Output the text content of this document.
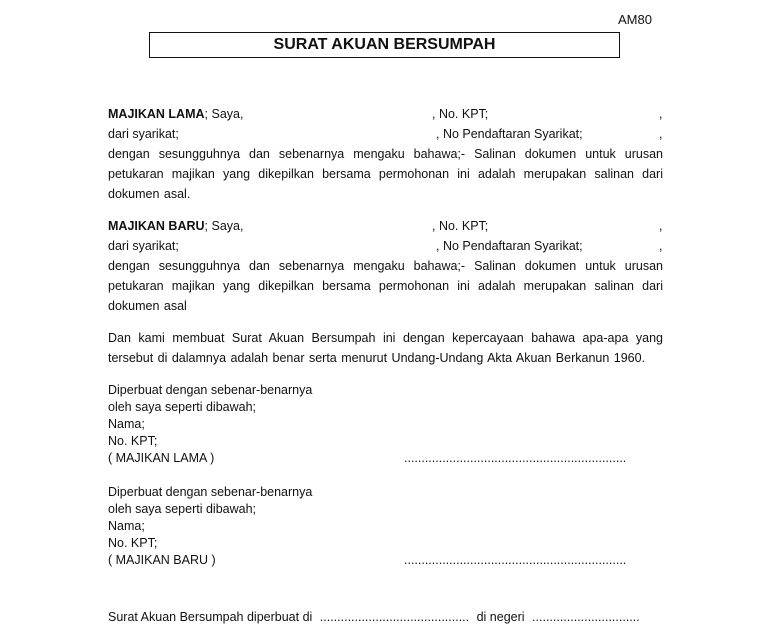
AM80
SURAT AKUAN BERSUMPAH
MAJIKAN LAMA; Saya,	, No. KPT;	,
dari syarikat;	, No Pendaftaran Syarikat;	,
dengan sesungguhnya dan sebenarnya mengaku bahawa;- Salinan dokumen untuk urusan petukaran majikan yang dikepilkan bersama permohonan ini adalah merupakan salinan dari dokumen asal.
MAJIKAN BARU; Saya,	, No. KPT;	,
dari syarikat;	, No Pendaftaran Syarikat;	,
dengan sesungguhnya dan sebenarnya mengaku bahawa;- Salinan dokumen untuk urusan petukaran majikan yang dikepilkan bersama permohonan ini adalah merupakan salinan dari dokumen asal
Dan kami membuat Surat Akuan Bersumpah ini dengan kepercayaan bahawa apa-apa yang tersebut di dalamnya adalah benar serta menurut Undang-Undang Akta Akuan Berkanun 1960.
Diperbuat dengan sebenar-benarnya
oleh saya seperti dibawah;
Nama;
No. KPT;
( MAJIKAN LAMA )	................................................................
Diperbuat dengan sebenar-benarnya
oleh saya seperti dibawah;
Nama;
No. KPT;
( MAJIKAN BARU )	................................................................
Surat Akuan Bersumpah diperbuat di ........................................... di negeri ...............................
